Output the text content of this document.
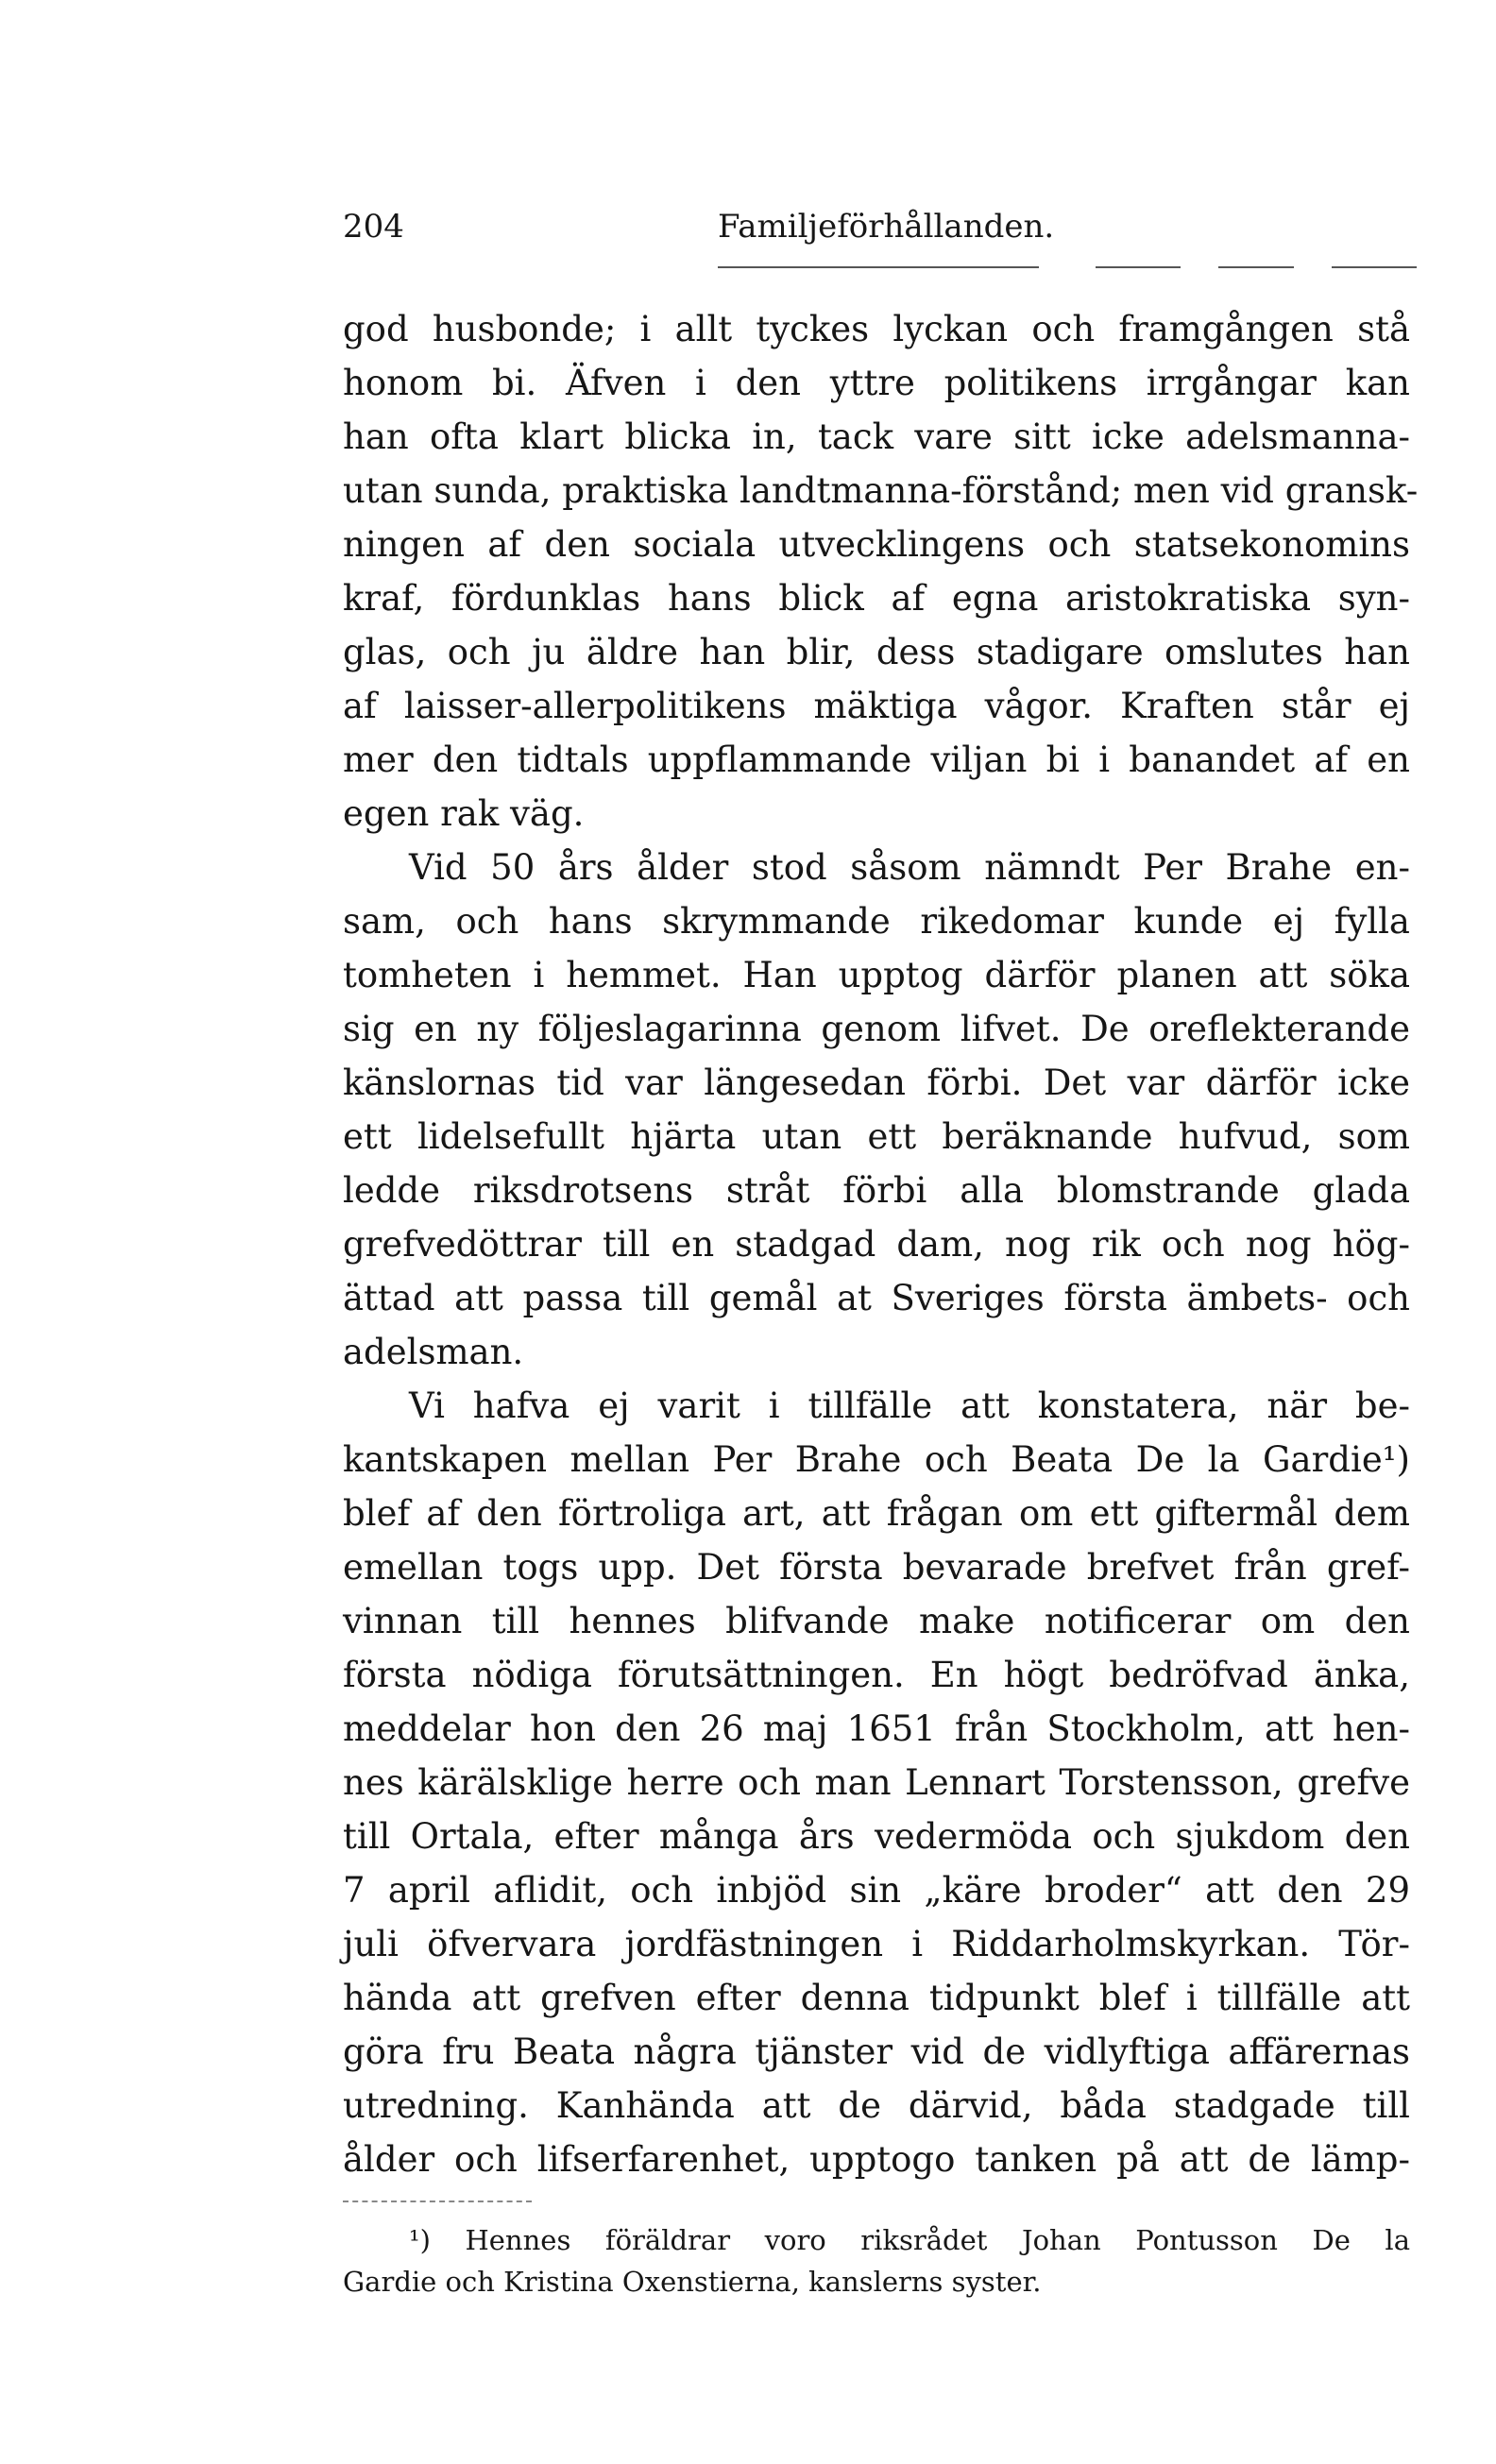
204	Familjeförhållanden.
god husbonde; i allt tyckes lyckan och framgången stå
honom bi. Äfven i den yttre politikens irrgångar kan
han ofta klart blicka in, tack vare sitt icke adelsmanna-
utan sunda, praktiska landtmanna-förstånd; men vid gransk-
ningen af den sociala utvecklingens och statsekonomins
kraf, fördunklas hans blick af egna aristokratiska syn-
glas, och ju äldre han blir, dess stadigare omslutes han
af laisser-allerpolitikens mäktiga vågor. Kraften står ej
mer den tidtals uppflammande viljan bi i banandet af en
egen rak väg.
Vid 50 års ålder stod såsom nämndt Per Brahe en-
sam, och hans skrymmande rikedomar kunde ej fylla
tomheten i hemmet. Han upptog därför planen att söka
sig en ny följeslagarinna genom lifvet. De oreflekterande
känslornas tid var längesedan förbi. Det var därför icke
ett lidelsefullt hjärta utan ett beräknande hufvud, som
ledde riksdrotsens stråt förbi alla blomstrande glada
grefvedöttrar till en stadgad dam, nog rik och nog hög-
ättad att passa till gemål at Sveriges första ämbets- och
adelsman.
Vi hafva ej varit i tillfälle att konstatera, när be-
kantskapen mellan Per Brahe och Beata De la Gardie¹)
blef af den förtroliga art, att frågan om ett giftermål dem
emellan togs upp. Det första bevarade brefvet från gref-
vinnan till hennes blifvande make notificerar om den
första nödiga förutsättningen. En högt bedröfvad änka,
meddelar hon den 26 maj 1651 från Stockholm, att hen-
nes kärälsklige herre och man Lennart Torstensson, grefve
till Ortala, efter många års vedermöda och sjukdom den
7 april aflidit, och inbjöd sin „käre broder“ att den 29
juli öfvervara jordfästningen i Riddarholmskyrkan. Tör-
hända att grefven efter denna tidpunkt blef i tillfälle att
göra fru Beata några tjänster vid de vidlyftiga affärernas
utredning. Kanhända att de därvid, båda stadgade till
ålder och lifserfarenhet, upptogo tanken på att de lämp-
¹) Hennes föräldrar voro riksrådet Johan Pontusson De la
Gardie och Kristina Oxenstierna, kanslerns syster.
